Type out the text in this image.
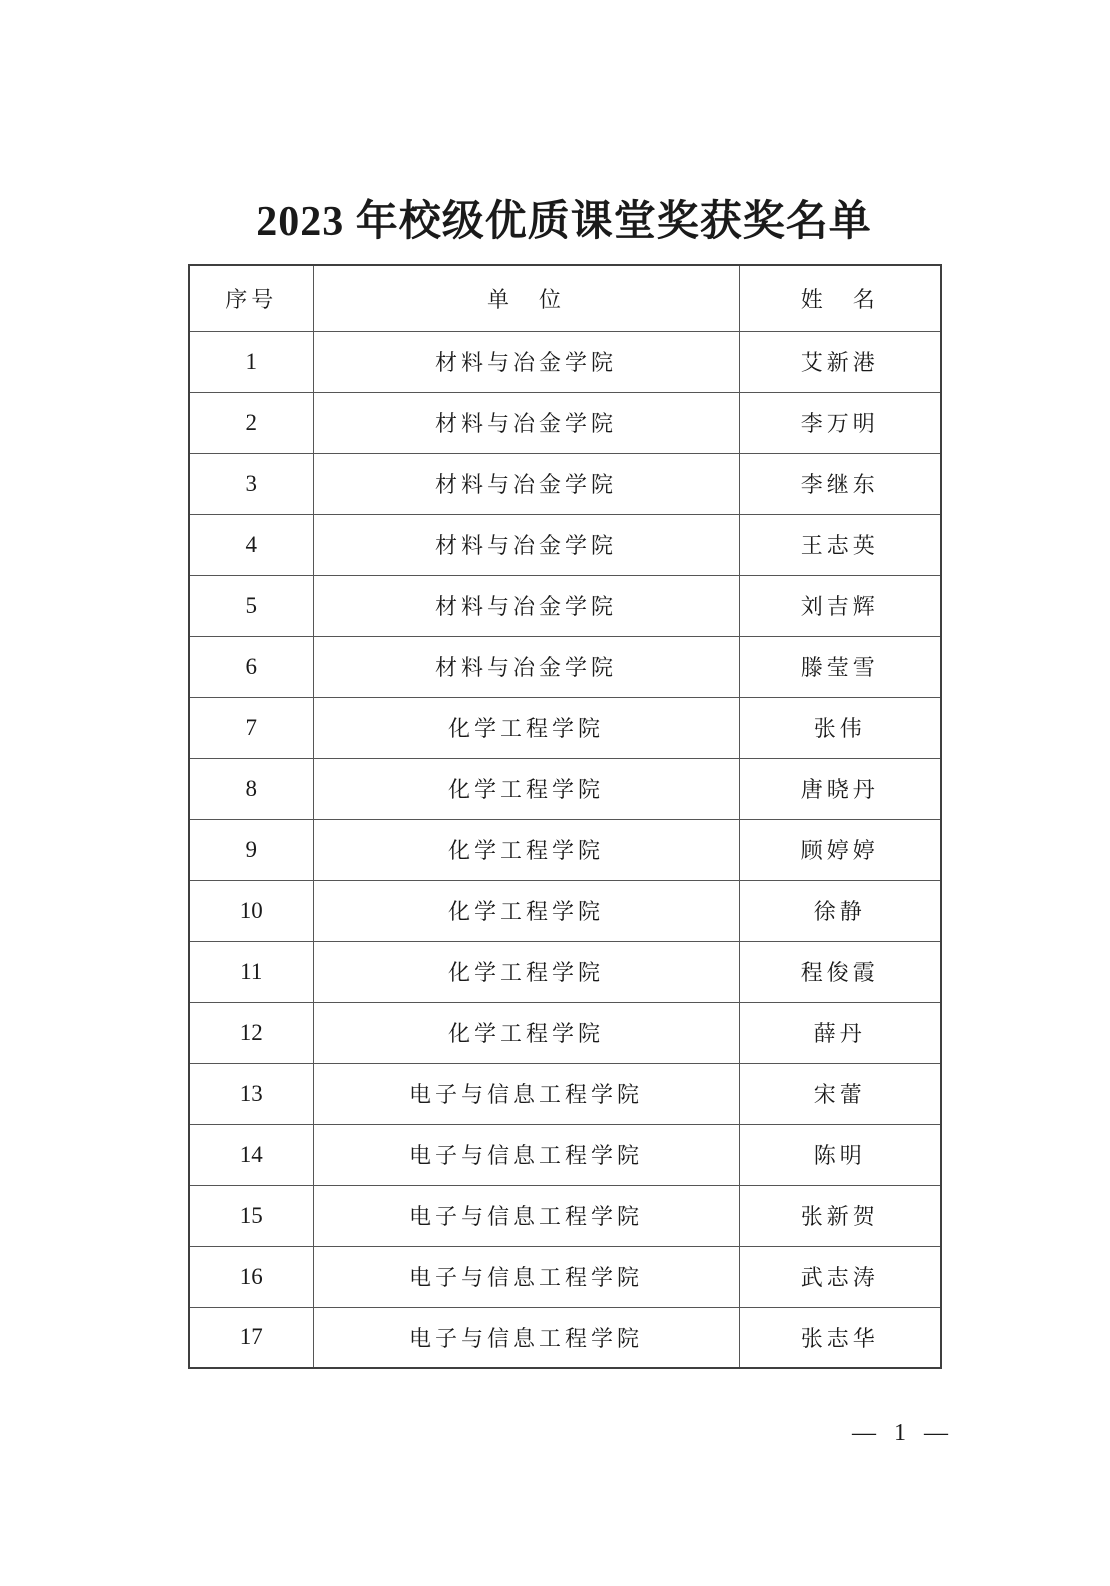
2023 年校级优质课堂奖获奖名单
序号	单　位	姓　名
1	材料与冶金学院	艾新港
2	材料与冶金学院	李万明
3	材料与冶金学院	李继东
4	材料与冶金学院	王志英
5	材料与冶金学院	刘吉辉
6	材料与冶金学院	滕莹雪
7	化学工程学院	张伟
8	化学工程学院	唐晓丹
9	化学工程学院	顾婷婷
10	化学工程学院	徐静
11	化学工程学院	程俊霞
12	化学工程学院	薛丹
13	电子与信息工程学院	宋蕾
14	电子与信息工程学院	陈明
15	电子与信息工程学院	张新贺
16	电子与信息工程学院	武志涛
17	电子与信息工程学院	张志华
— 1 —
